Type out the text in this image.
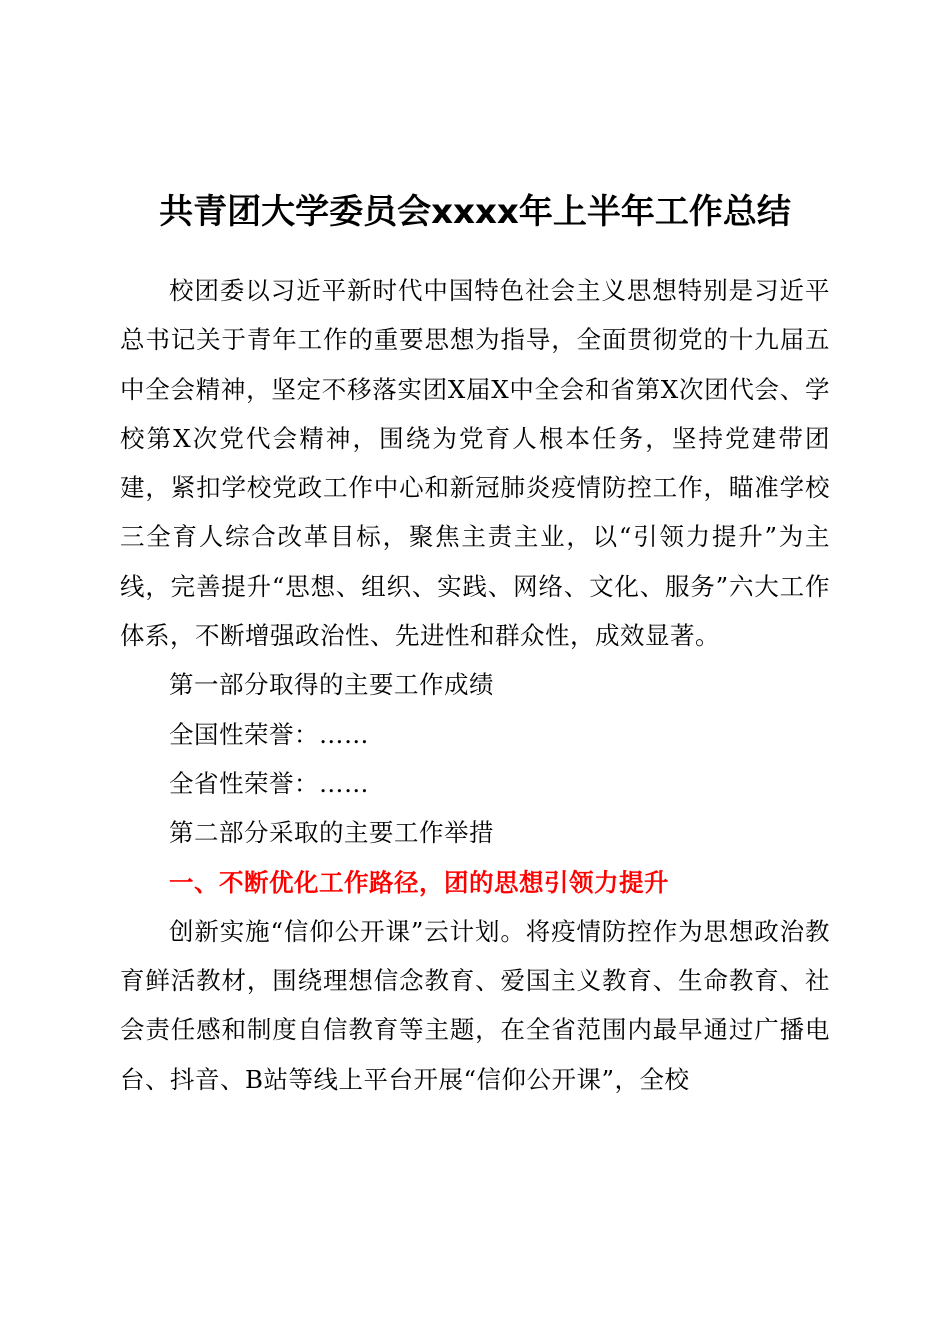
共青团大学委员会xxxx年上半年工作总结

校团委以习近平新时代中国特色社会主义思想特别是习近平总书记关于青年工作的重要思想为指导，全面贯彻党的十九届五中全会精神，坚定不移落实团X届X中全会和省第X次团代会、学校第X次党代会精神，围绕为党育人根本任务，坚持党建带团建，紧扣学校党政工作中心和新冠肺炎疫情防控工作，瞄准学校三全育人综合改革目标，聚焦主责主业，以“引领力提升”为主线，完善提升“思想、组织、实践、网络、文化、服务”六大工作体系，不断增强政治性、先进性和群众性，成效显著。

第一部分取得的主要工作成绩

全国性荣誉：……

全省性荣誉：……

第二部分采取的主要工作举措

一、不断优化工作路径，团的思想引领力提升

创新实施“信仰公开课”云计划。将疫情防控作为思想政治教育鲜活教材，围绕理想信念教育、爱国主义教育、生命教育、社会责任感和制度自信教育等主题，在全省范围内最早通过广播电台、抖音、B站等线上平台开展“信仰公开课”，全校
